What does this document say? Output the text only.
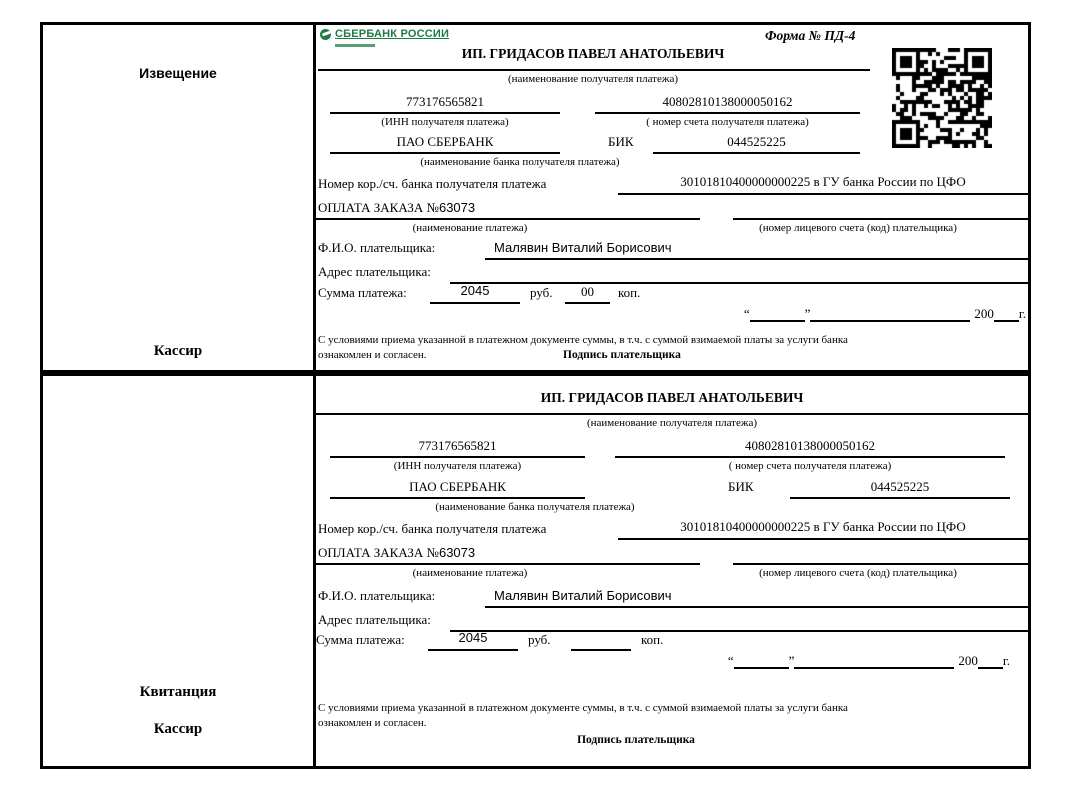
Извещение
Кассир
СБЕРБАНК РОССИИ	Форма № ПД-4
ИП. ГРИДАСОВ ПАВЕЛ АНАТОЛЬЕВИЧ
(наименование получателя платежа)
773176565821	40802810138000050162
(ИНН получателя платежа)	( номер счета получателя платежа)
ПАО СБЕРБАНК	БИК	044525225
(наименование банка получателя платежа)
Номер кор./сч. банка получателя платежа	30101810400000000225 в ГУ банка России по ЦФО
ОПЛАТА ЗАКАЗА №63073
(наименование платежа)	(номер лицевого счета (код) плательщика)
Ф.И.О. плательщика:	Малявин Виталий Борисович
Адрес плательщика:
Сумма платежа:	2045	руб.	00	коп.
“	”	200 г.
С условиями приема указанной в платежном документе суммы, в т.ч. с суммой взимаемой платы за услуги банка
ознакомлен и согласен.	Подпись плательщика
Квитанция
Кассир
ИП. ГРИДАСОВ ПАВЕЛ АНАТОЛЬЕВИЧ
(наименование получателя платежа)
773176565821	40802810138000050162
(ИНН получателя платежа)	( номер счета получателя платежа)
ПАО СБЕРБАНК	БИК	044525225
(наименование банка получателя платежа)
Номер кор./сч. банка получателя платежа	30101810400000000225 в ГУ банка России по ЦФО
ОПЛАТА ЗАКАЗА №63073
(наименование платежа)	(номер лицевого счета (код) плательщика)
Ф.И.О. плательщика:	Малявин Виталий Борисович
Адрес плательщика:
Сумма платежа:	2045	руб.	коп.
“	”	200 г.
С условиями приема указанной в платежном документе суммы, в т.ч. с суммой взимаемой платы за услуги банка
ознакомлен и согласен.
Подпись плательщика
